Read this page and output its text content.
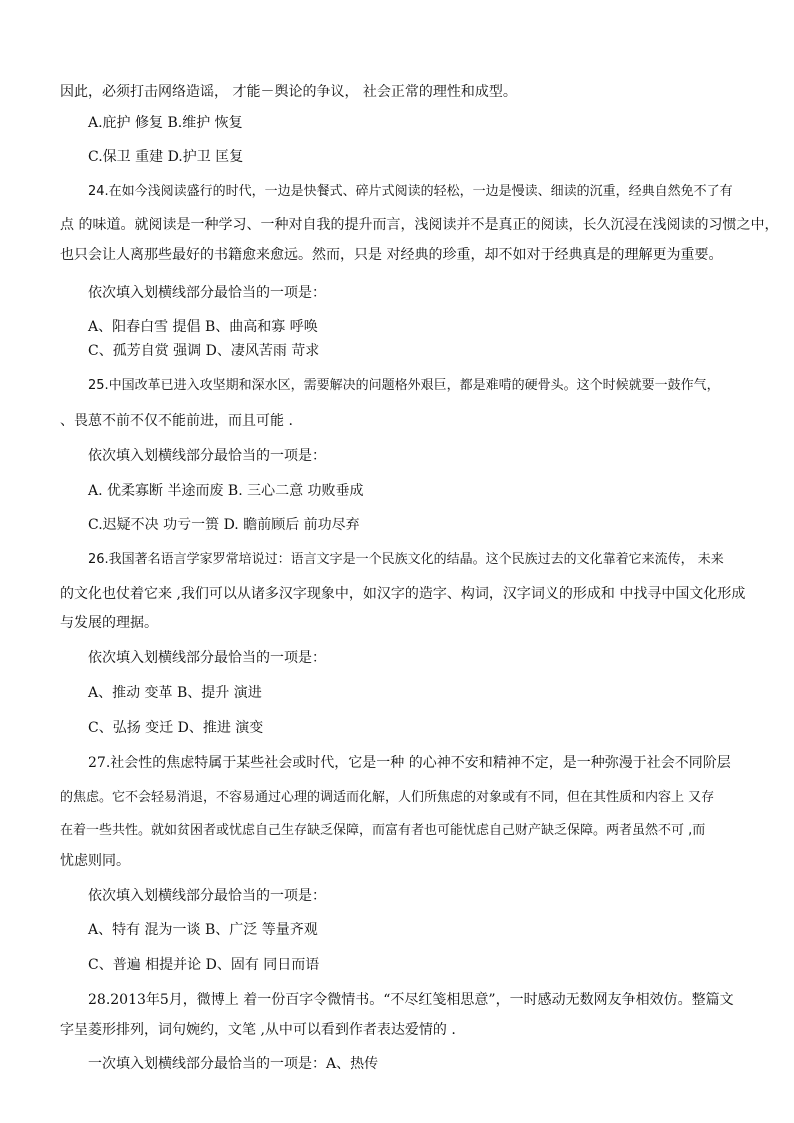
因此，必须打击网络造谣， 才能－舆论的争议， 社会正常的理性和成型。
A.庇护 修复 B.维护 恢复
C.保卫 重建 D.护卫 匡复
24.在如今浅阅读盛行的时代，一边是快餐式、碎片式阅读的轻松，一边是慢读、细读的沉重，经典自然免不了有
点 的味道。就阅读是一种学习、一种对自我的提升而言，浅阅读并不是真正的阅读，长久沉浸在浅阅读的习惯之中，
也只会让人离那些最好的书籍愈来愈远。然而，只是 对经典的珍重，却不如对于经典真是的理解更为重要。
依次填入划横线部分最恰当的一项是：
A、阳春白雪 提倡 B、曲高和寡 呼唤
C、孤芳自赏 强调 D、凄风苦雨 苛求
25.中国改革已进入攻坚期和深水区，需要解决的问题格外艰巨，都是难啃的硬骨头。这个时候就要一鼓作气，
、畏葸不前不仅不能前进，而且可能 .
依次填入划横线部分最恰当的一项是：
A. 优柔寡断 半途而废 B. 三心二意 功败垂成
C.迟疑不决 功亏一篑 D. 瞻前顾后 前功尽弃
26.我国著名语言学家罗常培说过：语言文字是一个民族文化的结晶。这个民族过去的文化靠着它来流传， 未来
的文化也仗着它来 ,我们可以从诸多汉字现象中，如汉字的造字、构词，汉字词义的形成和 中找寻中国文化形成
与发展的理据。
依次填入划横线部分最恰当的一项是：
A、推动 变革 B、提升 演进
C、弘扬 变迁 D、推进 演变
27.社会性的焦虑特属于某些社会或时代，它是一种 的心神不安和精神不定，是一种弥漫于社会不同阶层
的焦虑。它不会轻易消退，不容易通过心理的调适而化解，人们所焦虑的对象或有不同，但在其性质和内容上 又存
在着一些共性。就如贫困者或忧虑自己生存缺乏保障，而富有者也可能忧虑自己财产缺乏保障。两者虽然不可 ,而
忧虑则同。
依次填入划横线部分最恰当的一项是：
A、特有 混为一谈 B、广泛 等量齐观
C、普遍 相提并论 D、固有 同日而语
28.2013年5月，微博上 着一份百字令微情书。“不尽红笺相思意”，一时感动无数网友争相效仿。整篇文
字呈菱形排列，词句婉约，文笔 ,从中可以看到作者表达爱情的 .
一次填入划横线部分最恰当的一项是：A、热传
